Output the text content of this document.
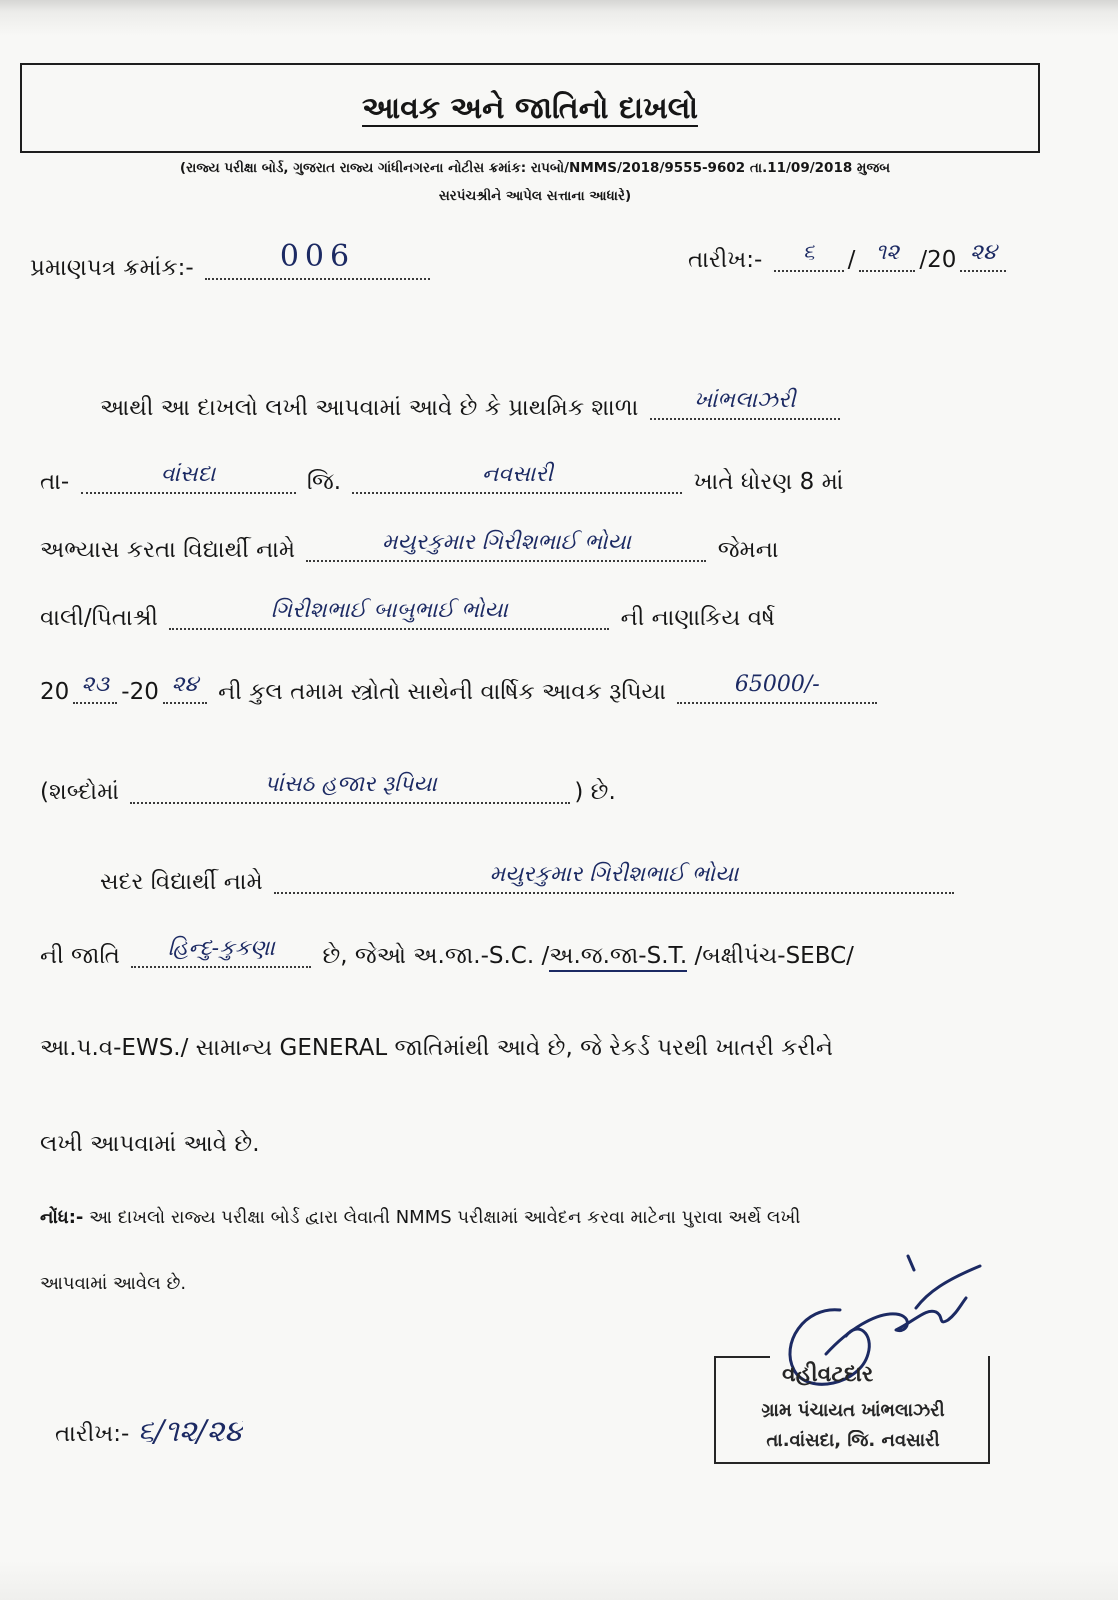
આવક અને જાતિનો દાખલો
(રાજ્ય પરીક્ષા બોર્ડ, ગુજરાત રાજ્ય ગાંધીનગરના નોટીસ ક્રમાંક: રાપબો/NMMS/2018/9555-9602 તા.11/09/2018 મુજબ
સરપંચશ્રીને આપેલ સત્તાના આધારે)
પ્રમાણપત્ર ક્રમાંક:-	006	તારીખ:-	૬	/ ૧૨ /20 ૨૪
આથી આ દાખલો લખી આપવામાં આવે છે કે પ્રાથમિક શાળા	ખાંભલાઝરી
તા-	વાંસદા	જિ.	નવસારી	ખાતે ધોરણ 8 માં
અભ્યાસ કરતા વિદ્યાર્થી નામે	મયુરકુમાર ગિરીશભાઈ ભોયા	જેમના
વાલી/પિતાશ્રી	ગિરીશભાઈ બાબુભાઈ ભોયા	ની નાણાકિય વર્ષ
20 ૨૩ -20 ૨૪ ની કુલ તમામ સ્ત્રોતો સાથેની વાર્ષિક આવક રૂપિયા	65000/-
(શબ્દોમાં	પાંસઠ હજાર રૂપિયા	) છે.
સદર વિદ્યાર્થી નામે	મયુરકુમાર ગિરીશભાઈ ભોયા
ની જાતિ	હિન્દુ-કુકણા	છે, જેઓ અ.જા.-S.C. /અ.જ.જા-S.T. /બક્ષીપંચ-SEBC/
આ.પ.વ-EWS./ સામાન્ય GENERAL જાતિમાંથી આવે છે, જે રેકર્ડ પરથી ખાતરી કરીને
લખી આપવામાં આવે છે.
નોંધ:- આ દાખલો રાજ્ય પરીક્ષા બોર્ડ દ્વારા લેવાતી NMMS પરીક્ષામાં આવેદન કરવા માટેના પુરાવા અર્થે લખી
આપવામાં આવેલ છે.
વહીવટદાર
ગ્રામ પંચાયત ખાંભલાઝરી
તા.વાંસદા, જિ. નવસારી
તારીખ:- ૬/૧૨/૨૪
